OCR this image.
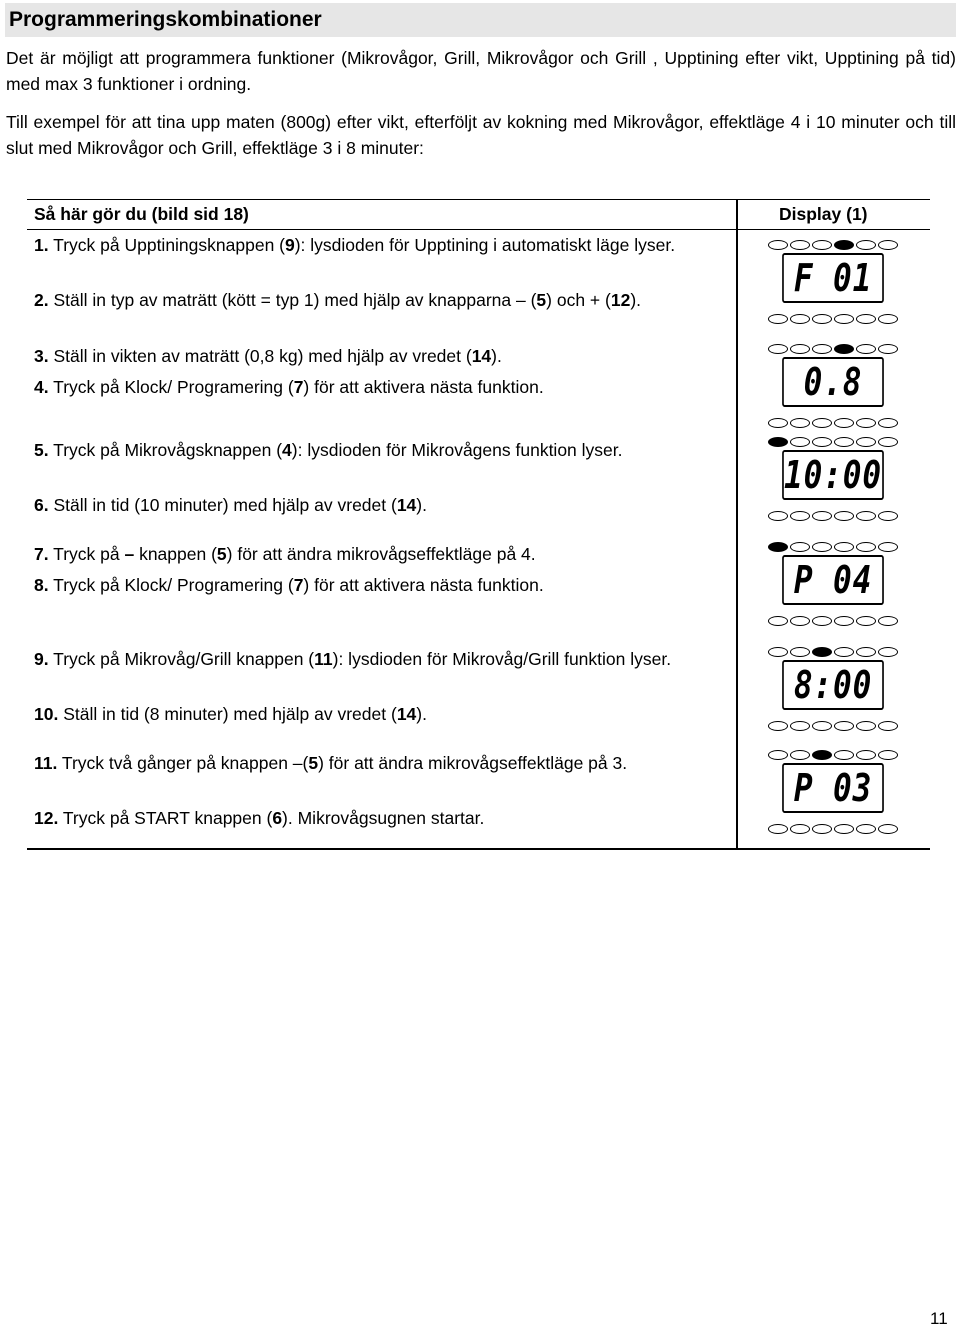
Programmeringskombinationer

Det är möjligt att programmera funktioner (Mikrovågor, Grill, Mikrovågor och Grill , Upptining efter vikt, Upptining på tid) med max 3 funktioner i ordning.

Till exempel för att tina upp maten (800g) efter vikt, efterföljt av kokning med Mikrovågor, effektläge 4 i 10 minuter och till slut med Mikrovågor och Grill, effektläge 3 i 8 minuter:

Så här gör du (bild sid 18)	Display (1)

1. Tryck på Upptiningsknappen (9): lysdioden för Upptining i automatiskt läge lyser.

2. Ställ in typ av maträtt (kött = typ 1) med hjälp av knapparna – (5) och + (12).

3. Ställ in vikten av maträtt (0,8 kg) med hjälp av vredet (14).

4. Tryck på Klock/ Programering (7) för att aktivera nästa funktion.

5. Tryck på Mikrovågsknappen (4): lysdioden för Mikrovågens funktion lyser.

6. Ställ in tid (10 minuter) med hjälp av vredet (14).

7. Tryck på – knappen (5) för att ändra mikrovågseffektläge på 4.

8. Tryck på Klock/ Programering (7) för att aktivera nästa funktion.

9. Tryck på Mikrovåg/Grill knappen (11): lysdioden för Mikrovåg/Grill funktion lyser.

10. Ställ in tid (8 minuter) med hjälp av vredet (14).

11. Tryck två gånger på knappen –(5) för att ändra mikrovågseffektläge på 3.

12. Tryck på START knappen (6). Mikrovågsugnen startar.

F 01
0.8
10:00
P 04
8:00
P 03
11
